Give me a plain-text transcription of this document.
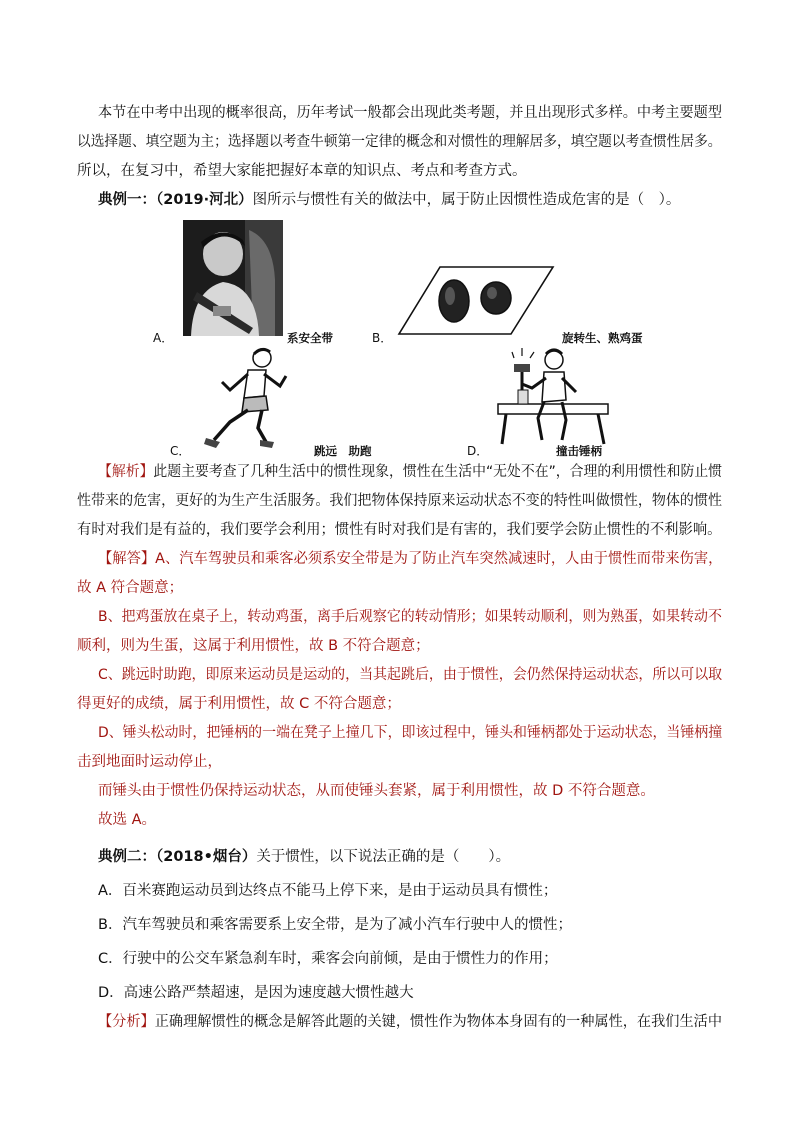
本节在中考中出现的概率很高，历年考试一般都会出现此类考题，并且出现形式多样。中考主要题型
以选择题、填空题为主；选择题以考查牛顿第一定律的概念和对惯性的理解居多，填空题以考查惯性居多。
所以，在复习中，希望大家能把握好本章的知识点、考点和考查方式。
典例一：（2019·河北）图所示与惯性有关的做法中，属于防止因惯性造成危害的是（　）。
A．	系安全带	B．	旋转生、熟鸡蛋
C．	跳远　助跑	D．	撞击锤柄
【解析】此题主要考查了几种生活中的惯性现象，惯性在生活中“无处不在”，合理的利用惯性和防止惯
性带来的危害，更好的为生产生活服务。我们把物体保持原来运动状态不变的特性叫做惯性，物体的惯性
有时对我们是有益的，我们要学会利用；惯性有时对我们是有害的，我们要学会防止惯性的不利影响。
【解答】A、汽车驾驶员和乘客必须系安全带是为了防止汽车突然减速时，人由于惯性而带来伤害，
故 A 符合题意；
B、把鸡蛋放在桌子上，转动鸡蛋，离手后观察它的转动情形；如果转动顺利，则为熟蛋，如果转动不
顺利，则为生蛋，这属于利用惯性，故 B 不符合题意；
C、跳远时助跑，即原来运动员是运动的，当其起跳后，由于惯性，会仍然保持运动状态，所以可以取
得更好的成绩，属于利用惯性，故 C 不符合题意；
D、锤头松动时，把锤柄的一端在凳子上撞几下，即该过程中，锤头和锤柄都处于运动状态，当锤柄撞
击到地面时运动停止，
而锤头由于惯性仍保持运动状态，从而使锤头套紧，属于利用惯性，故 D 不符合题意。
故选 A。
典例二：（2018•烟台）关于惯性，以下说法正确的是（　　）。
A．百米赛跑运动员到达终点不能马上停下来，是由于运动员具有惯性；
B．汽车驾驶员和乘客需要系上安全带，是为了减小汽车行驶中人的惯性；
C．行驶中的公交车紧急刹车时，乘客会向前倾，是由于惯性力的作用；
D．高速公路严禁超速，是因为速度越大惯性越大
【分析】正确理解惯性的概念是解答此题的关键，惯性作为物体本身固有的一种属性，在我们生活中
